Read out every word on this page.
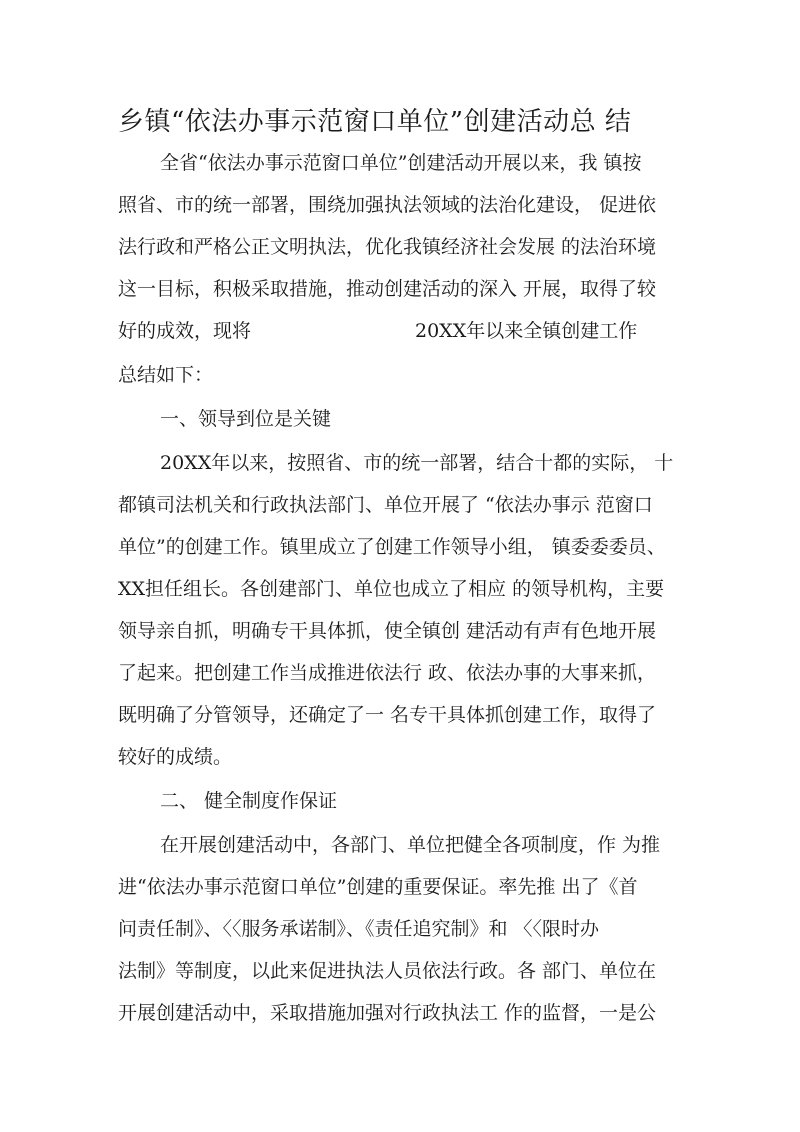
乡镇“依法办事示范窗口单位”创建活动总 结
全省“依法办事示范窗口单位”创建活动开展以来，我 镇按
照省、市的统一部署，围绕加强执法领域的法治化建设， 促进依
法行政和严格公正文明执法，优化我镇经济社会发展 的法治环境
这一目标，积极采取措施，推动创建活动的深入 开展，取得了较
好的成效，现将	20XX年以来全镇创建工作
总结如下：
一、领导到位是关键
20XX年以来，按照省、市的统一部署，结合十都的实际， 十
都镇司法机关和行政执法部门、单位开展了 “依法办事示 范窗口
单位”的创建工作。镇里成立了创建工作领导小组， 镇委委委员、
XX担任组长。各创建部门、单位也成立了相应 的领导机构，主要
领导亲自抓，明确专干具体抓，使全镇创 建活动有声有色地开展
了起来。把创建工作当成推进依法行 政、依法办事的大事来抓，
既明确了分管领导，还确定了一 名专干具体抓创建工作，取得了
较好的成绩。
二、 健全制度作保证
在开展创建活动中，各部门、单位把健全各项制度，作 为推
进“依法办事示范窗口单位”创建的重要保证。率先推 出了《首
问责任制》、〈〈服务承诺制》、《责任追究制》和 〈〈限时办
法制》等制度，以此来促进执法人员依法行政。各 部门、单位在
开展创建活动中，采取措施加强对行政执法工 作的监督，一是公
